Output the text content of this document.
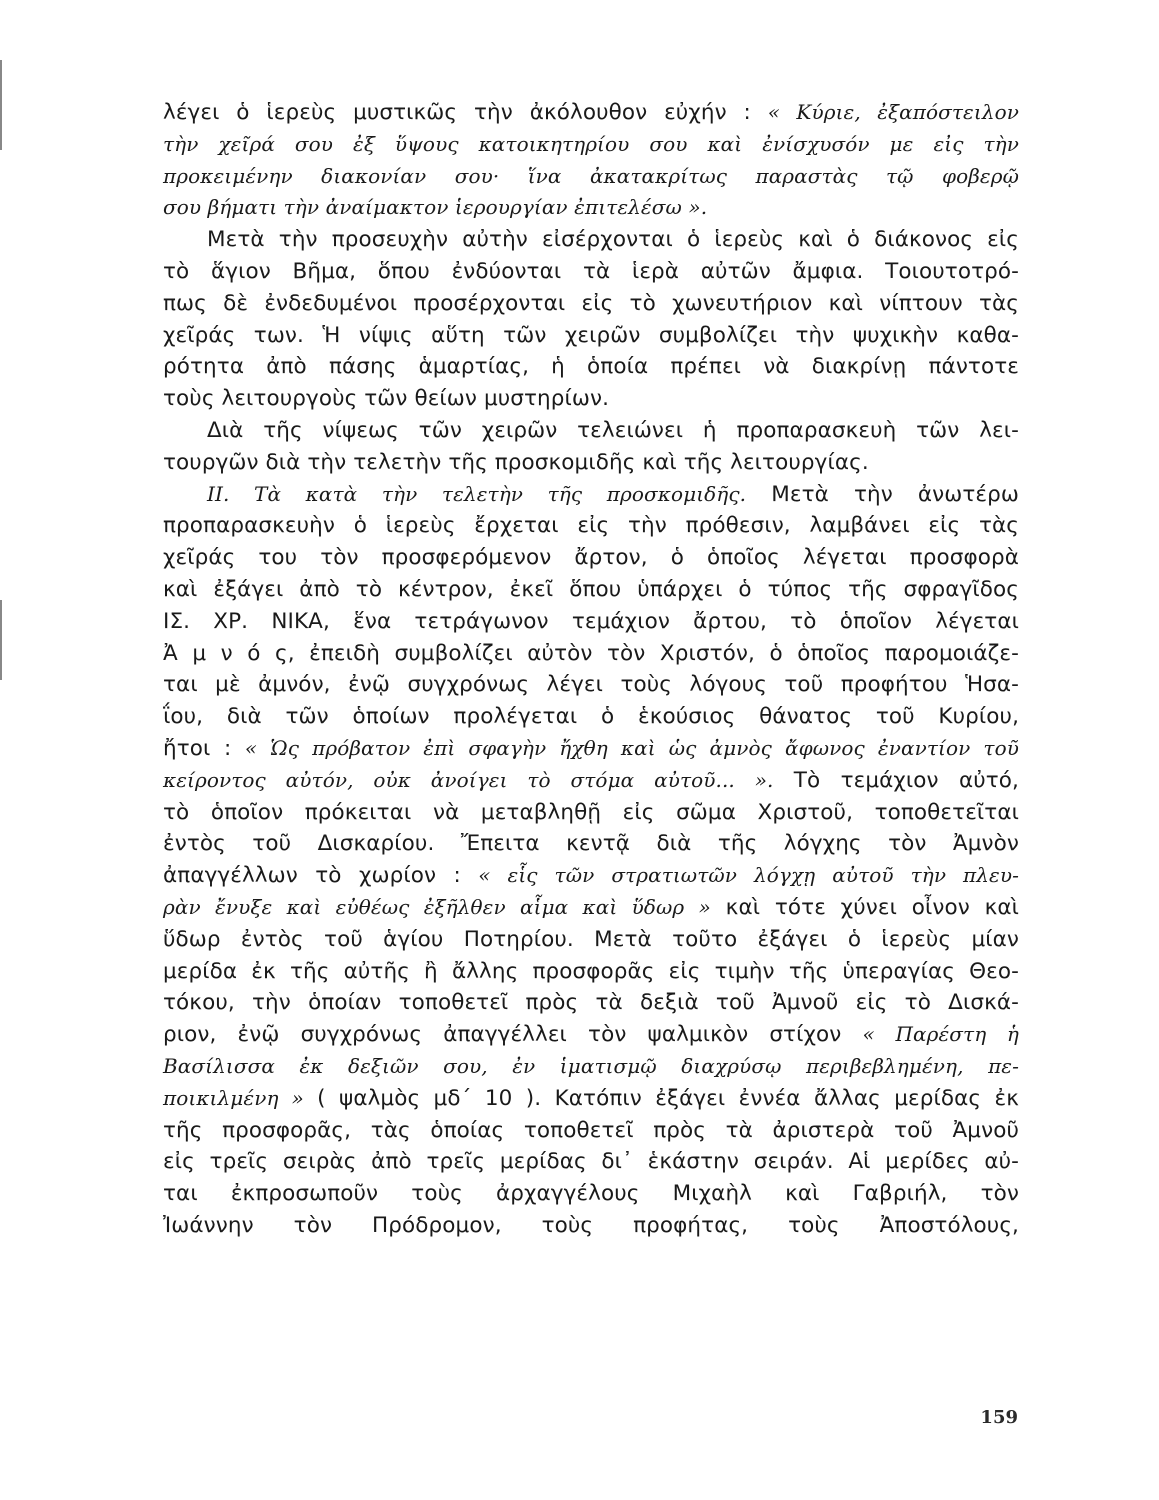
λέγει ὁ ἱερεὺς μυστικῶς τὴν ἀκόλουθον εὐχήν : « Κύριε, ἐξαπόστειλον
τὴν χεῖρά σου ἐξ ὕψους κατοικητηρίου σου καὶ ἐνίσχυσόν με εἰς τὴν
προκειμένην διακονίαν σου· ἵνα ἀκατακρίτως παραστὰς τῷ φοβερῷ
σου βήματι τὴν ἀναίμακτον ἱερουργίαν ἐπιτελέσω ».
Μετὰ τὴν προσευχὴν αὐτὴν εἰσέρχονται ὁ ἱερεὺς καὶ ὁ διάκονος εἰς
τὸ ἅγιον Βῆμα, ὅπου ἐνδύονται τὰ ἱερὰ αὐτῶν ἄμφια. Τοιουτοτρό-
πως δὲ ἐνδεδυμένοι προσέρχονται εἰς τὸ χωνευτήριον καὶ νίπτουν τὰς
χεῖράς των. Ἡ νίψις αὕτη τῶν χειρῶν συμβολίζει τὴν ψυχικὴν καθα-
ρότητα ἀπὸ πάσης ἁμαρτίας, ἡ ὁποία πρέπει νὰ διακρίνῃ πάντοτε
τοὺς λειτουργοὺς τῶν θείων μυστηρίων.
Διὰ τῆς νίψεως τῶν χειρῶν τελειώνει ἡ προπαρασκευὴ τῶν λει-
τουργῶν διὰ τὴν τελετὴν τῆς προσκομιδῆς καὶ τῆς λειτουργίας.
ΙΙ. Τὰ κατὰ τὴν τελετὴν τῆς προσκομιδῆς. Μετὰ τὴν ἀνωτέρω
προπαρασκευὴν ὁ ἱερεὺς ἔρχεται εἰς τὴν πρόθεσιν, λαμβάνει εἰς τὰς
χεῖράς του τὸν προσφερόμενον ἄρτον, ὁ ὁποῖος λέγεται προσφορὰ
καὶ ἐξάγει ἀπὸ τὸ κέντρον, ἐκεῖ ὅπου ὑπάρχει ὁ τύπος τῆς σφραγῖδος
ΙΣ. ΧΡ. ΝΙΚΑ, ἕνα τετράγωνον τεμάχιον ἄρτου, τὸ ὁποῖον λέγεται
Ἀ μ ν ό ς, ἐπειδὴ συμβολίζει αὐτὸν τὸν Χριστόν, ὁ ὁποῖος παρομοιάζε-
ται μὲ ἀμνόν, ἐνῷ συγχρόνως λέγει τοὺς λόγους τοῦ προφήτου Ἡσα-
ΐου, διὰ τῶν ὁποίων προλέγεται ὁ ἑκούσιος θάνατος τοῦ Κυρίου,
ἤτοι : « Ὡς πρόβατον ἐπὶ σφαγὴν ἤχθη καὶ ὡς ἀμνὸς ἄφωνος ἐναντίον τοῦ
κείροντος αὐτόν, οὐκ ἀνοίγει τὸ στόμα αὐτοῦ... ». Τὸ τεμάχιον αὐτό,
τὸ ὁποῖον πρόκειται νὰ μεταβληθῇ εἰς σῶμα Χριστοῦ, τοποθετεῖται
ἐντὸς τοῦ Δισκαρίου. Ἔπειτα κεντᾷ διὰ τῆς λόγχης τὸν Ἀμνὸν
ἀπαγγέλλων τὸ χωρίον : « εἷς τῶν στρατιωτῶν λόγχῃ αὐτοῦ τὴν πλευ-
ρὰν ἔνυξε καὶ εὐθέως ἐξῆλθεν αἷμα καὶ ὕδωρ » καὶ τότε χύνει οἶνον καὶ
ὕδωρ ἐντὸς τοῦ ἁγίου Ποτηρίου. Μετὰ τοῦτο ἐξάγει ὁ ἱερεὺς μίαν
μερίδα ἐκ τῆς αὐτῆς ἢ ἄλλης προσφορᾶς εἰς τιμὴν τῆς ὑπεραγίας Θεο-
τόκου, τὴν ὁποίαν τοποθετεῖ πρὸς τὰ δεξιὰ τοῦ Ἀμνοῦ εἰς τὸ Δισκά-
ριον, ἐνῷ συγχρόνως ἀπαγγέλλει τὸν ψαλμικὸν στίχον « Παρέστη ἡ
Βασίλισσα ἐκ δεξιῶν σου, ἐν ἱματισμῷ διαχρύσῳ περιβεβλημένη, πε-
ποικιλμένη » ( ψαλμὸς μδ΄ 10 ). Κατόπιν ἐξάγει ἐννέα ἄλλας μερίδας ἐκ
τῆς προσφορᾶς, τὰς ὁποίας τοποθετεῖ πρὸς τὰ ἀριστερὰ τοῦ Ἀμνοῦ
εἰς τρεῖς σειρὰς ἀπὸ τρεῖς μερίδας δι᾽ ἑκάστην σειράν. Αἱ μερίδες αὐ-
ται ἐκπροσωποῦν τοὺς ἀρχαγγέλους Μιχαὴλ καὶ Γαβριήλ, τὸν
Ἰωάννην τὸν Πρόδρομον, τοὺς προφήτας, τοὺς Ἀποστόλους,
159
